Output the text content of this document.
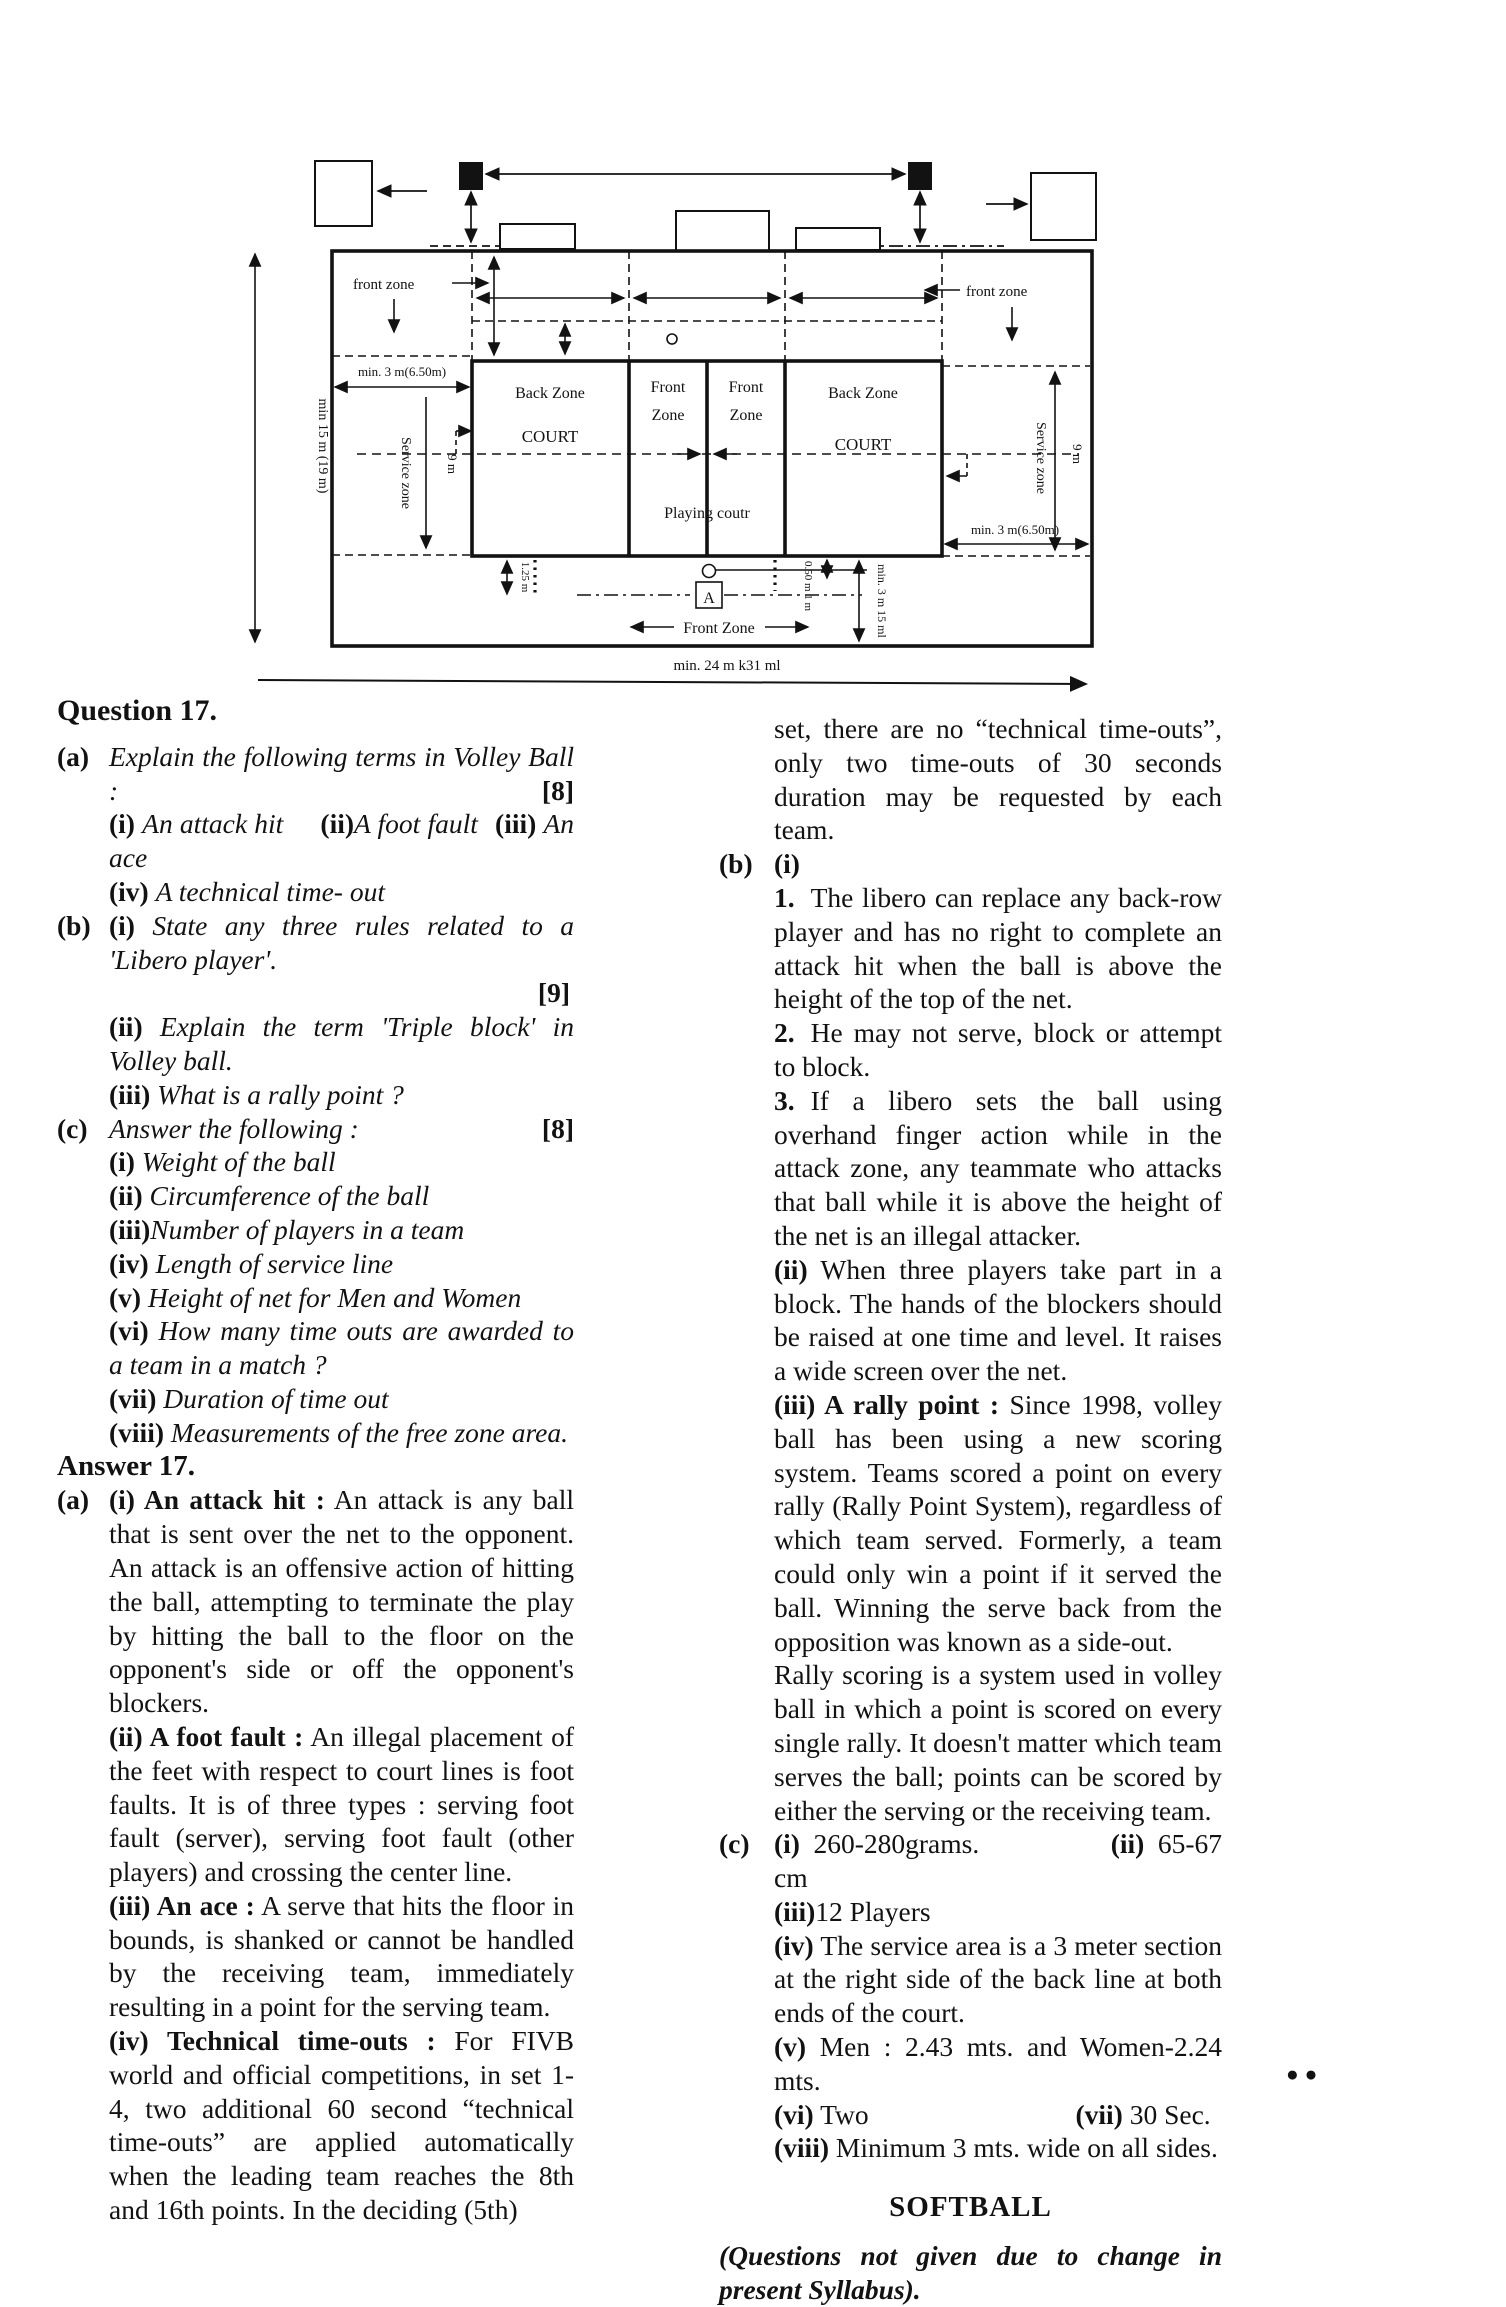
min 15 m (19 m)
front zone	front zone
min. 3 m(6.50m)
Service zone 9 m
Back Zone
COURT
Front
Zone
Front
Zone
Back Zone
COURT
Playing coutr
Service zone 9 m
min. 3 m(6.50m)
1.25 m
A	0.50 m 1 m	min. 3 m 15 ml
Front Zone
min. 24 m k31 ml
Question 17.
(a) Explain the following terms in Volley Ball :	[8]
(i) An attack hit (ii)A foot fault (iii) An ace
(iv) A technical time- out
(b) (i) State any three rules related to a 'Libero player'.
[9]
(ii) Explain the term 'Triple block' in Volley ball.
(iii) What is a rally point ?
(c) Answer the following :	[8]
(i) Weight of the ball
(ii) Circumference of the ball
(iii)Number of players in a team
(iv) Length of service line
(v) Height of net for Men and Women
(vi) How many time outs are awarded to a team in a match ?
(vii) Duration of time out
(viii) Measurements of the free zone area.
Answer 17.
(a) (i) An attack hit : An attack is any ball that is sent over the net to the opponent. An attack is an offensive action of hitting the ball, attempting to terminate the play by hitting the ball to the floor on the opponent's side or off the opponent's blockers.
(ii) A foot fault : An illegal placement of the feet with respect to court lines is foot faults. It is of three types : serving foot fault (server), serving foot fault (other players) and crossing the center line.
(iii) An ace : A serve that hits the floor in bounds, is shanked or cannot be handled by the receiving team, immediately resulting in a point for the serving team.
(iv) Technical time-outs : For FIVB world and official competitions, in set 1-4, two additional 60 second “technical time-outs” are applied automatically when the leading team reaches the 8th and 16th points. In the deciding (5th)
set, there are no “technical time-outs”, only two time-outs of 30 seconds duration may be requested by each team.
(b) (i)
1. The libero can replace any back-row player and has no right to complete an attack hit when the ball is above the height of the top of the net.
2. He may not serve, block or attempt to block.
3. If a libero sets the ball using overhand finger action while in the attack zone, any teammate who attacks that ball while it is above the height of the net is an illegal attacker.
(ii) When three players take part in a block. The hands of the blockers should be raised at one time and level. It raises a wide screen over the net.
(iii) A rally point : Since 1998, volley ball has been using a new scoring system. Teams scored a point on every rally (Rally Point System), regardless of which team served. Formerly, a team could only win a point if it served the ball. Winning the serve back from the opposition was known as a side-out.
Rally scoring is a system used in volley ball in which a point is scored on every single rally. It doesn't matter which team serves the ball; points can be scored by either the serving or the receiving team.
(c) (i) 260-280grams.	(ii) 65-67 cm
(iii)12 Players
(iv) The service area is a 3 meter section at the right side of the back line at both ends of the court.
(v) Men : 2.43 mts. and Women-2.24 mts.
(vi) Two	(vii) 30 Sec.
(viii) Minimum 3 mts. wide on all sides.
SOFTBALL
(Questions not given due to change in present Syllabus).
●●
